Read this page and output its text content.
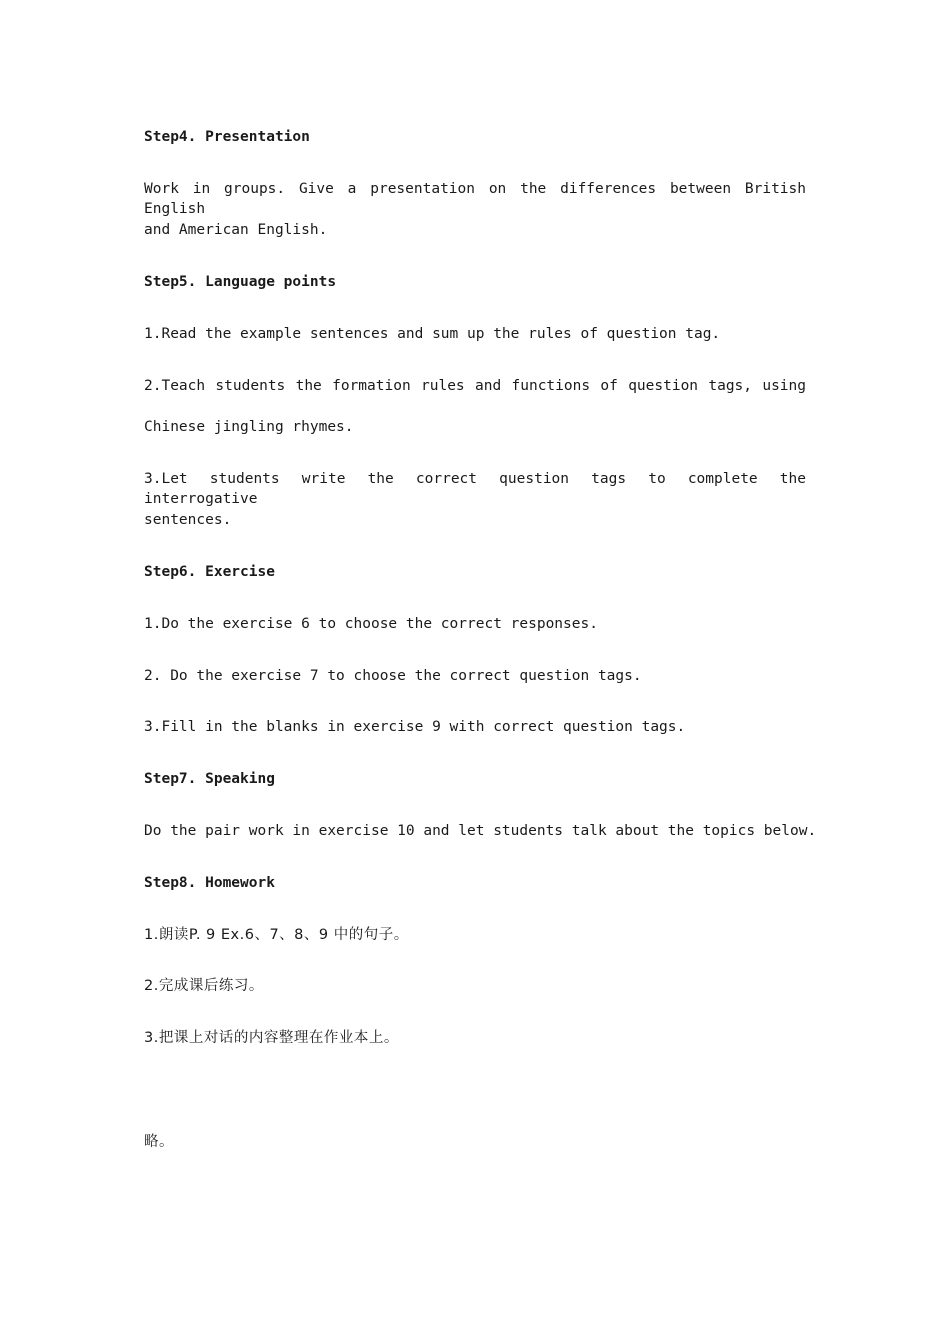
Step4. Presentation
Work in groups. Give a presentation on the differences between British English
and American English.
Step5. Language points
1.Read the example sentences and sum up the rules of question tag.
2.Teach students the formation rules and functions of question tags, using
Chinese jingling rhymes.
3.Let students write the correct question tags to complete the interrogative
sentences.
Step6. Exercise
1.Do the exercise 6 to choose the correct responses.
2. Do the exercise 7 to choose the correct question tags.
3.Fill in the blanks in exercise 9 with correct question tags.
Step7. Speaking
Do the pair work in exercise 10 and let students talk about the topics below.
Step8. Homework
1.朗读P. 9 Ex.6、7、8、9 中的句子。
2.完成课后练习。
3.把课上对话的内容整理在作业本上。
略。
